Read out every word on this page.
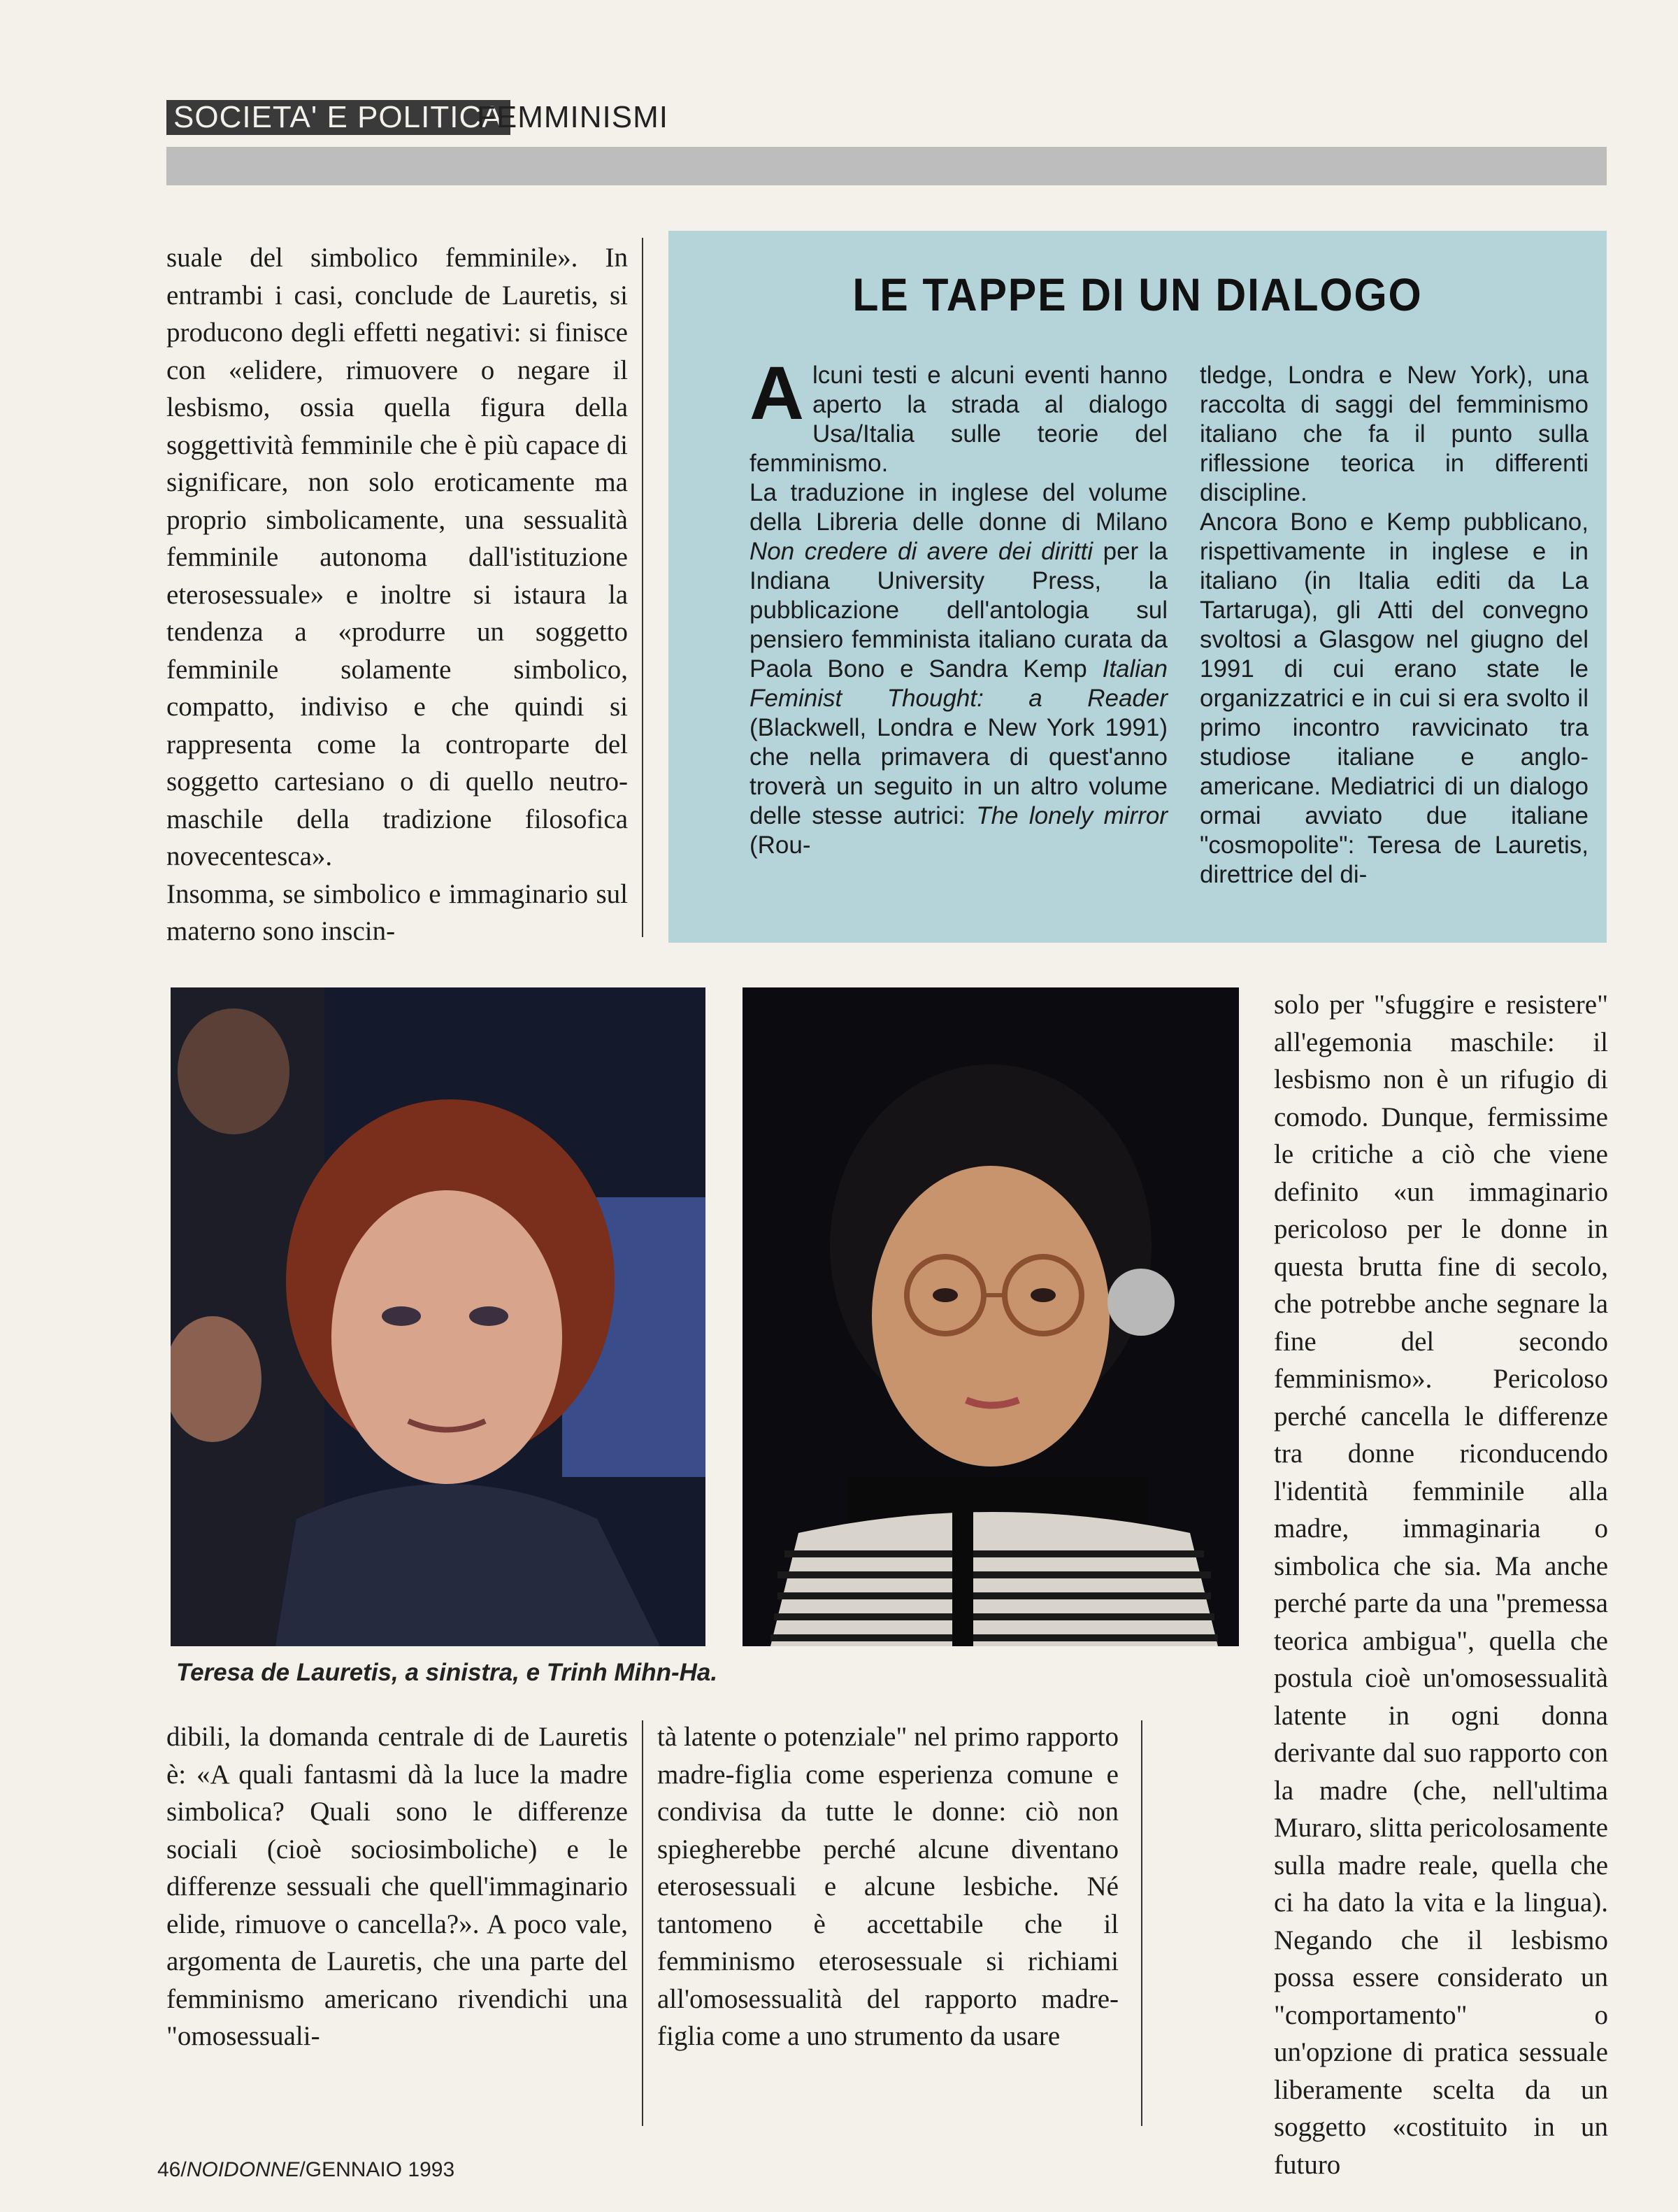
SOCIETA' E POLITICA
FEMMINISMI

suale del simbolico femminile». In entrambi i casi, conclude de Lauretis, si producono degli effetti negativi: si finisce con «elidere, rimuovere o negare il lesbismo, ossia quella figura della soggettività femminile che è più capace di significare, non solo eroticamente ma proprio simbolicamente, una sessualità femminile autonoma dall'istituzione eterosessuale» e inoltre si istaura la tendenza a «produrre un soggetto femminile solamente simbolico, compatto, indiviso e che quindi si rappresenta come la controparte del soggetto cartesiano o di quello neutro-maschile della tradizione filosofica novecentesca».

Insomma, se simbolico e immaginario sul materno sono inscin-

LE TAPPE DI UN DIALOGO

Alcuni testi e alcuni eventi hanno aperto la strada al dialogo Usa/Italia sulle teorie del femminismo.

La traduzione in inglese del volume della Libreria delle donne di Milano Non credere di avere dei diritti per la Indiana University Press, la pubblicazione dell'antologia sul pensiero femminista italiano curata da Paola Bono e Sandra Kemp Italian Feminist Thought: a Reader (Blackwell, Londra e New York 1991) che nella primavera di quest'anno troverà un seguito in un altro volume delle stesse autrici: The lonely mirror (Rou-

tledge, Londra e New York), una raccolta di saggi del femminismo italiano che fa il punto sulla riflessione teorica in differenti discipline.

Ancora Bono e Kemp pubblicano, rispettivamente in inglese e in italiano (in Italia editi da La Tartaruga), gli Atti del convegno svoltosi a Glasgow nel giugno del 1991 di cui erano state le organizzatrici e in cui si era svolto il primo incontro ravvicinato tra studiose italiane e anglo-americane. Mediatrici di un dialogo ormai avviato due italiane "cosmopolite": Teresa de Lauretis, direttrice del di-

Teresa de Lauretis, a sinistra, e Trinh Mihn-Ha.

solo per "sfuggire e resistere" all'egemonia maschile: il lesbismo non è un rifugio di comodo. Dunque, fermissime le critiche a ciò che viene definito «un immaginario pericoloso per le donne in questa brutta fine di secolo, che potrebbe anche segnare la fine del secondo femminismo». Pericoloso perché cancella le differenze tra donne riconducendo l'identità femminile alla madre, immaginaria o simbolica che sia. Ma anche perché parte da una "premessa teorica ambigua", quella che postula cioè un'omosessualità latente in ogni donna derivante dal suo rapporto con la madre (che, nell'ultima Muraro, slitta pericolosamente sulla madre reale, quella che ci ha dato la vita e la lingua). Negando che il lesbismo possa essere considerato un "comportamento" o un'opzione di pratica sessuale liberamente scelta da un soggetto «costituito in un futuro

dibili, la domanda centrale di de Lauretis è: «A quali fantasmi dà la luce la madre simbolica? Quali sono le differenze sociali (cioè sociosimboliche) e le differenze sessuali che quell'immaginario elide, rimuove o cancella?». A poco vale, argomenta de Lauretis, che una parte del femminismo americano rivendichi una "omosessuali-

tà latente o potenziale" nel primo rapporto madre-figlia come esperienza comune e condivisa da tutte le donne: ciò non spiegherebbe perché alcune diventano eterosessuali e alcune lesbiche. Né tantomeno è accettabile che il femminismo eterosessuale si richiami all'omosessualità del rapporto madre-figlia come a uno strumento da usare

46/NOIDONNE/GENNAIO 1993
